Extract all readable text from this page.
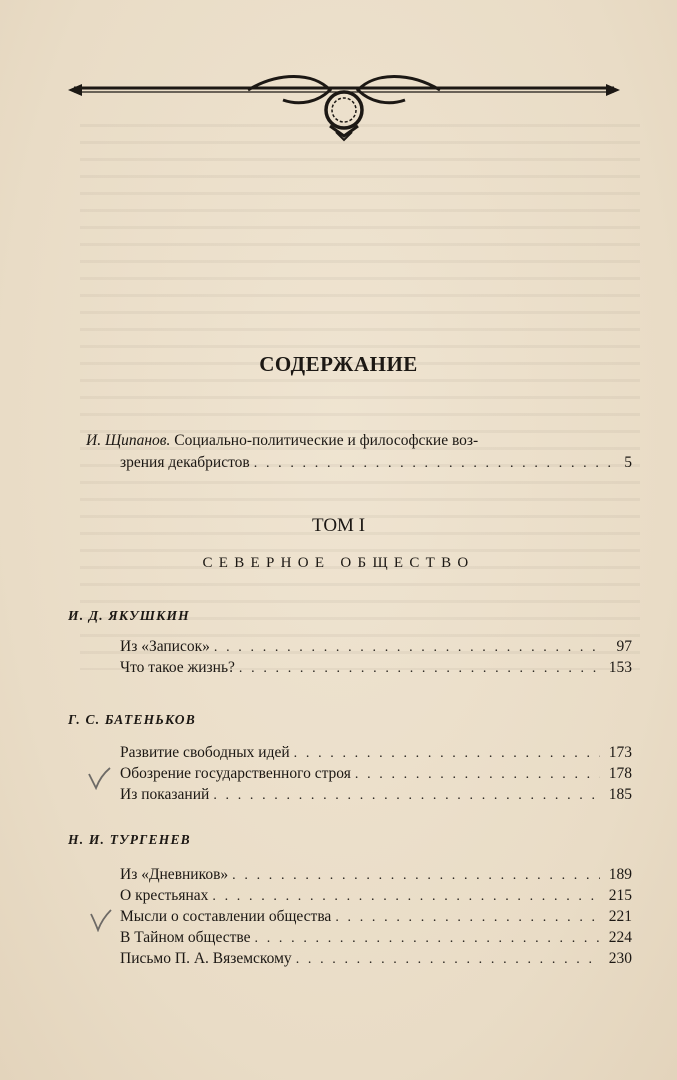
СОДЕРЖАНИЕ
И. Щипанов. Социально-политические и философские воз-
зрения декабристов . . .	5
ТОМ I
СЕВЕРНОЕ ОБЩЕСТВО
И. Д. ЯКУШКИН
Из «Записок» . . .	97
Что такое жизнь? . . .	153
Г. С. БАТЕНЬКОВ
Развитие свободных идей . . .	173
Обозрение государственного строя . . .	178
Из показаний . . .	185
Н. И. ТУРГЕНЕВ
Из «Дневников» . . .	189
О крестьянах . . .	215
Мысли о составлении общества . . .	221
В Тайном обществе . . .	224
Письмо П. А. Вяземскому . . .	230
